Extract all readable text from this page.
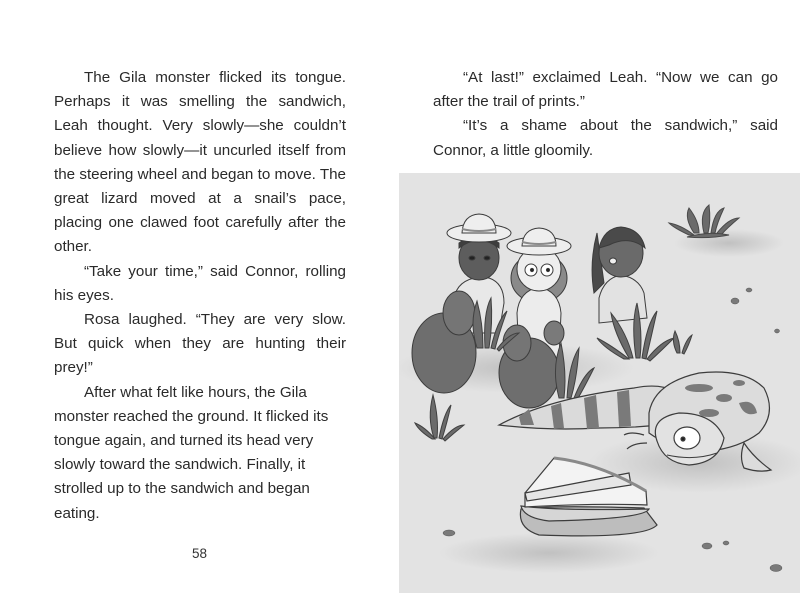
The Gila monster flicked its tongue. Perhaps it was smelling the sandwich, Leah thought. Very slowly—she couldn’t believe how slowly—it uncurled itself from the steering wheel and began to move. The great lizard moved at a snail’s pace, placing one clawed foot carefully after the other.

“Take your time,” said Connor, rolling his eyes.

Rosa laughed. “They are very slow. But quick when they are hunting their prey!”

After what felt like hours, the Gila monster reached the ground. It flicked its tongue again, and turned its head very slowly toward the sandwich. Finally, it strolled up to the sandwich and began eating.

58

“At last!” exclaimed Leah. “Now we can go after the trail of prints.”

“It’s a shame about the sandwich,” said Connor, a little gloomily.
